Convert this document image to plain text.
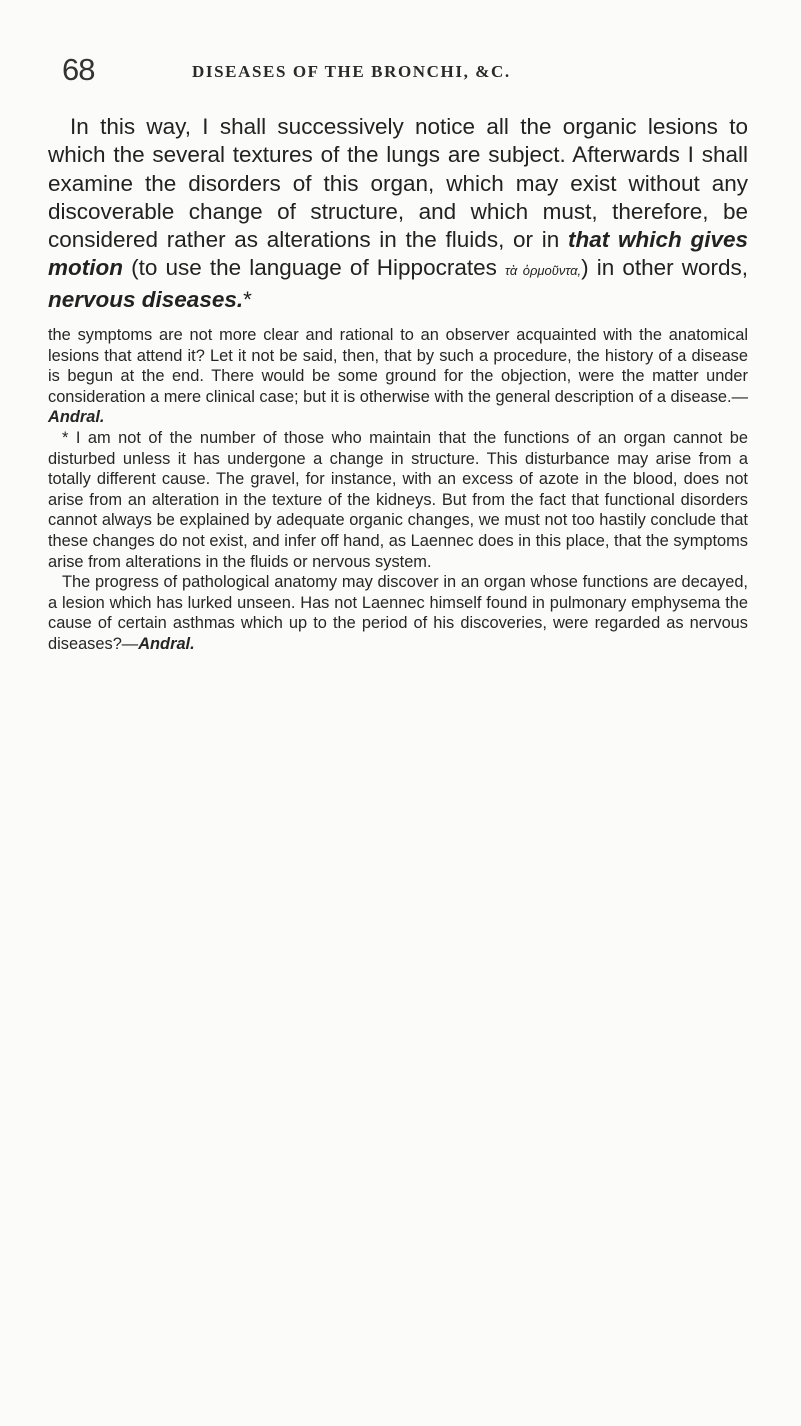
68	DISEASES OF THE BRONCHI, &C.

In this way, I shall successively notice all the organic lesions to which the several textures of the lungs are subject. Afterwards I shall examine the disorders of this organ, which may exist without any discoverable change of structure, and which must, therefore, be considered rather as alterations in the fluids, or in that which gives motion (to use the language of Hippocrates τὰ ὁρμοῦντα,) in other words, nervous diseases.*

the symptoms are not more clear and rational to an observer acquainted with the anatomical lesions that attend it? Let it not be said, then, that by such a procedure, the history of a disease is begun at the end. There would be some ground for the objection, were the matter under consideration a mere clinical case; but it is otherwise with the general description of a disease.—Andral.

* I am not of the number of those who maintain that the functions of an organ cannot be disturbed unless it has undergone a change in structure. This disturbance may arise from a totally different cause. The gravel, for instance, with an excess of azote in the blood, does not arise from an alteration in the texture of the kidneys. But from the fact that functional disorders cannot always be explained by adequate organic changes, we must not too hastily conclude that these changes do not exist, and infer off hand, as Laennec does in this place, that the symptoms arise from alterations in the fluids or nervous system.

The progress of pathological anatomy may discover in an organ whose functions are decayed, a lesion which has lurked unseen. Has not Laennec himself found in pulmonary emphysema the cause of certain asthmas which up to the period of his discoveries, were regarded as nervous diseases?—Andral.
